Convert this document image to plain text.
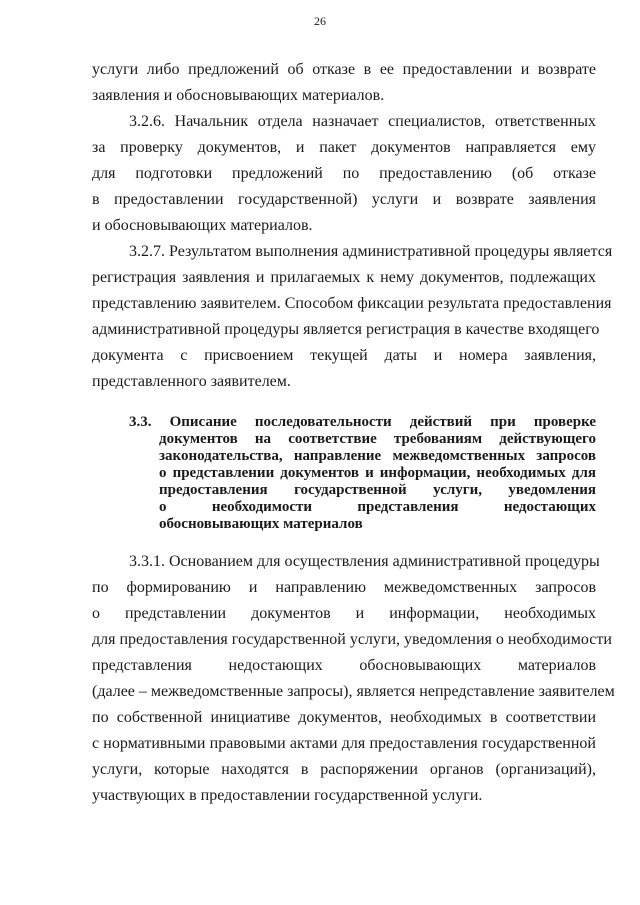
26
услуги либо предложений об отказе в ее предоставлении и возврате
заявления и обосновывающих материалов.
3.2.6. Начальник отдела назначает специалистов, ответственных
за проверку документов, и пакет документов направляется ему
для подготовки предложений по предоставлению (об отказе
в предоставлении государственной) услуги и возврате заявления
и обосновывающих материалов.
3.2.7. Результатом выполнения административной процедуры является
регистрация заявления и прилагаемых к нему документов, подлежащих
представлению заявителем. Способом фиксации результата предоставления
административной процедуры является регистрация в качестве входящего
документа с присвоением текущей даты и номера заявления,
представленного заявителем.
3.3. Описание последовательности действий при проверке
документов на соответствие требованиям действующего
законодательства, направление межведомственных запросов
о представлении документов и информации, необходимых для
предоставления государственной услуги, уведомления
о необходимости представления недостающих
обосновывающих материалов
3.3.1. Основанием для осуществления административной процедуры
по формированию и направлению межведомственных запросов
о представлении документов и информации, необходимых
для предоставления государственной услуги, уведомления о необходимости
представления недостающих обосновывающих материалов
(далее – межведомственные запросы), является непредставление заявителем
по собственной инициативе документов, необходимых в соответствии
с нормативными правовыми актами для предоставления государственной
услуги, которые находятся в распоряжении органов (организаций),
участвующих в предоставлении государственной услуги.
